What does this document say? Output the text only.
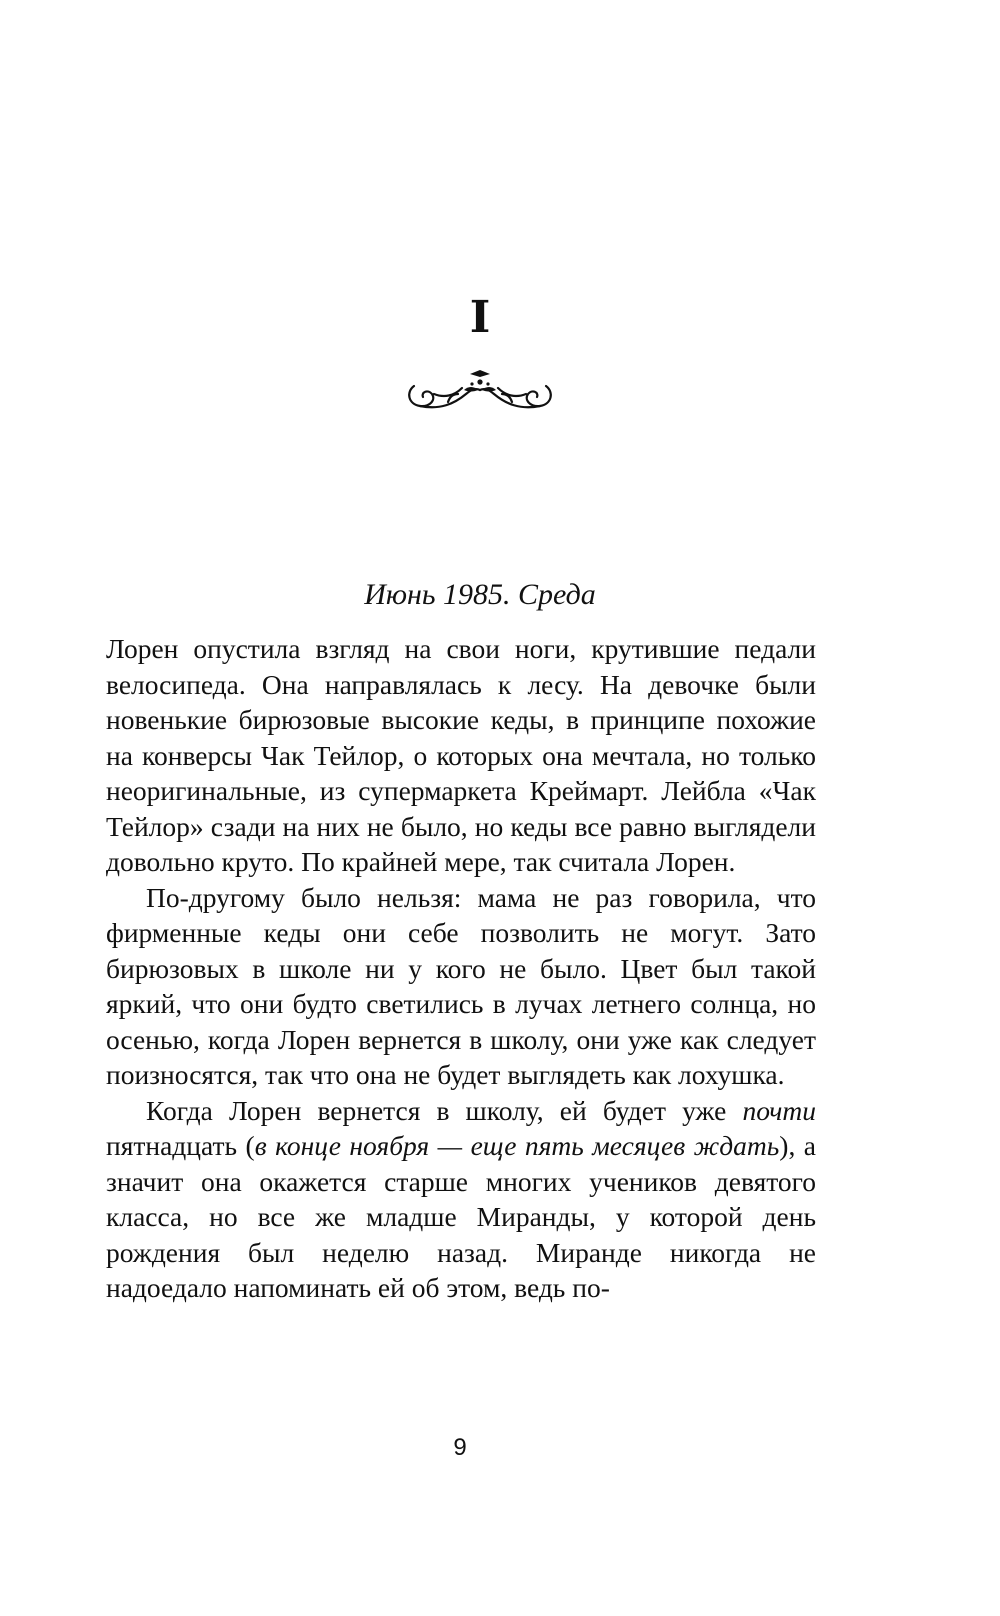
I
Июнь 1985. Среда

Лорен опустила взгляд на свои ноги, крутившие педали велосипеда. Она направлялась к лесу. На девочке были новенькие бирюзовые высокие кеды, в принципе похожие на конверсы Чак Тейлор, о которых она мечтала, но только неоригинальные, из супермаркета Креймарт. Лейбла «Чак Тейлор» сзади на них не было, но кеды все равно выглядели довольно круто. По крайней мере, так считала Лорен.

По-другому было нельзя: мама не раз говорила, что фирменные кеды они себе позволить не могут. Зато бирюзовых в школе ни у кого не было. Цвет был такой яркий, что они будто светились в лучах летнего солнца, но осенью, когда Лорен вернется в школу, они уже как следует поизносятся, так что она не будет выглядеть как лохушка.

Когда Лорен вернется в школу, ей будет уже почти пятнадцать (в конце ноября — еще пять месяцев ждать), а значит она окажется старше многих учеников девятого класса, но все же младше Миранды, у которой день рождения был неделю назад. Миранде никогда не надоедало напоминать ей об этом, ведь по-

9
